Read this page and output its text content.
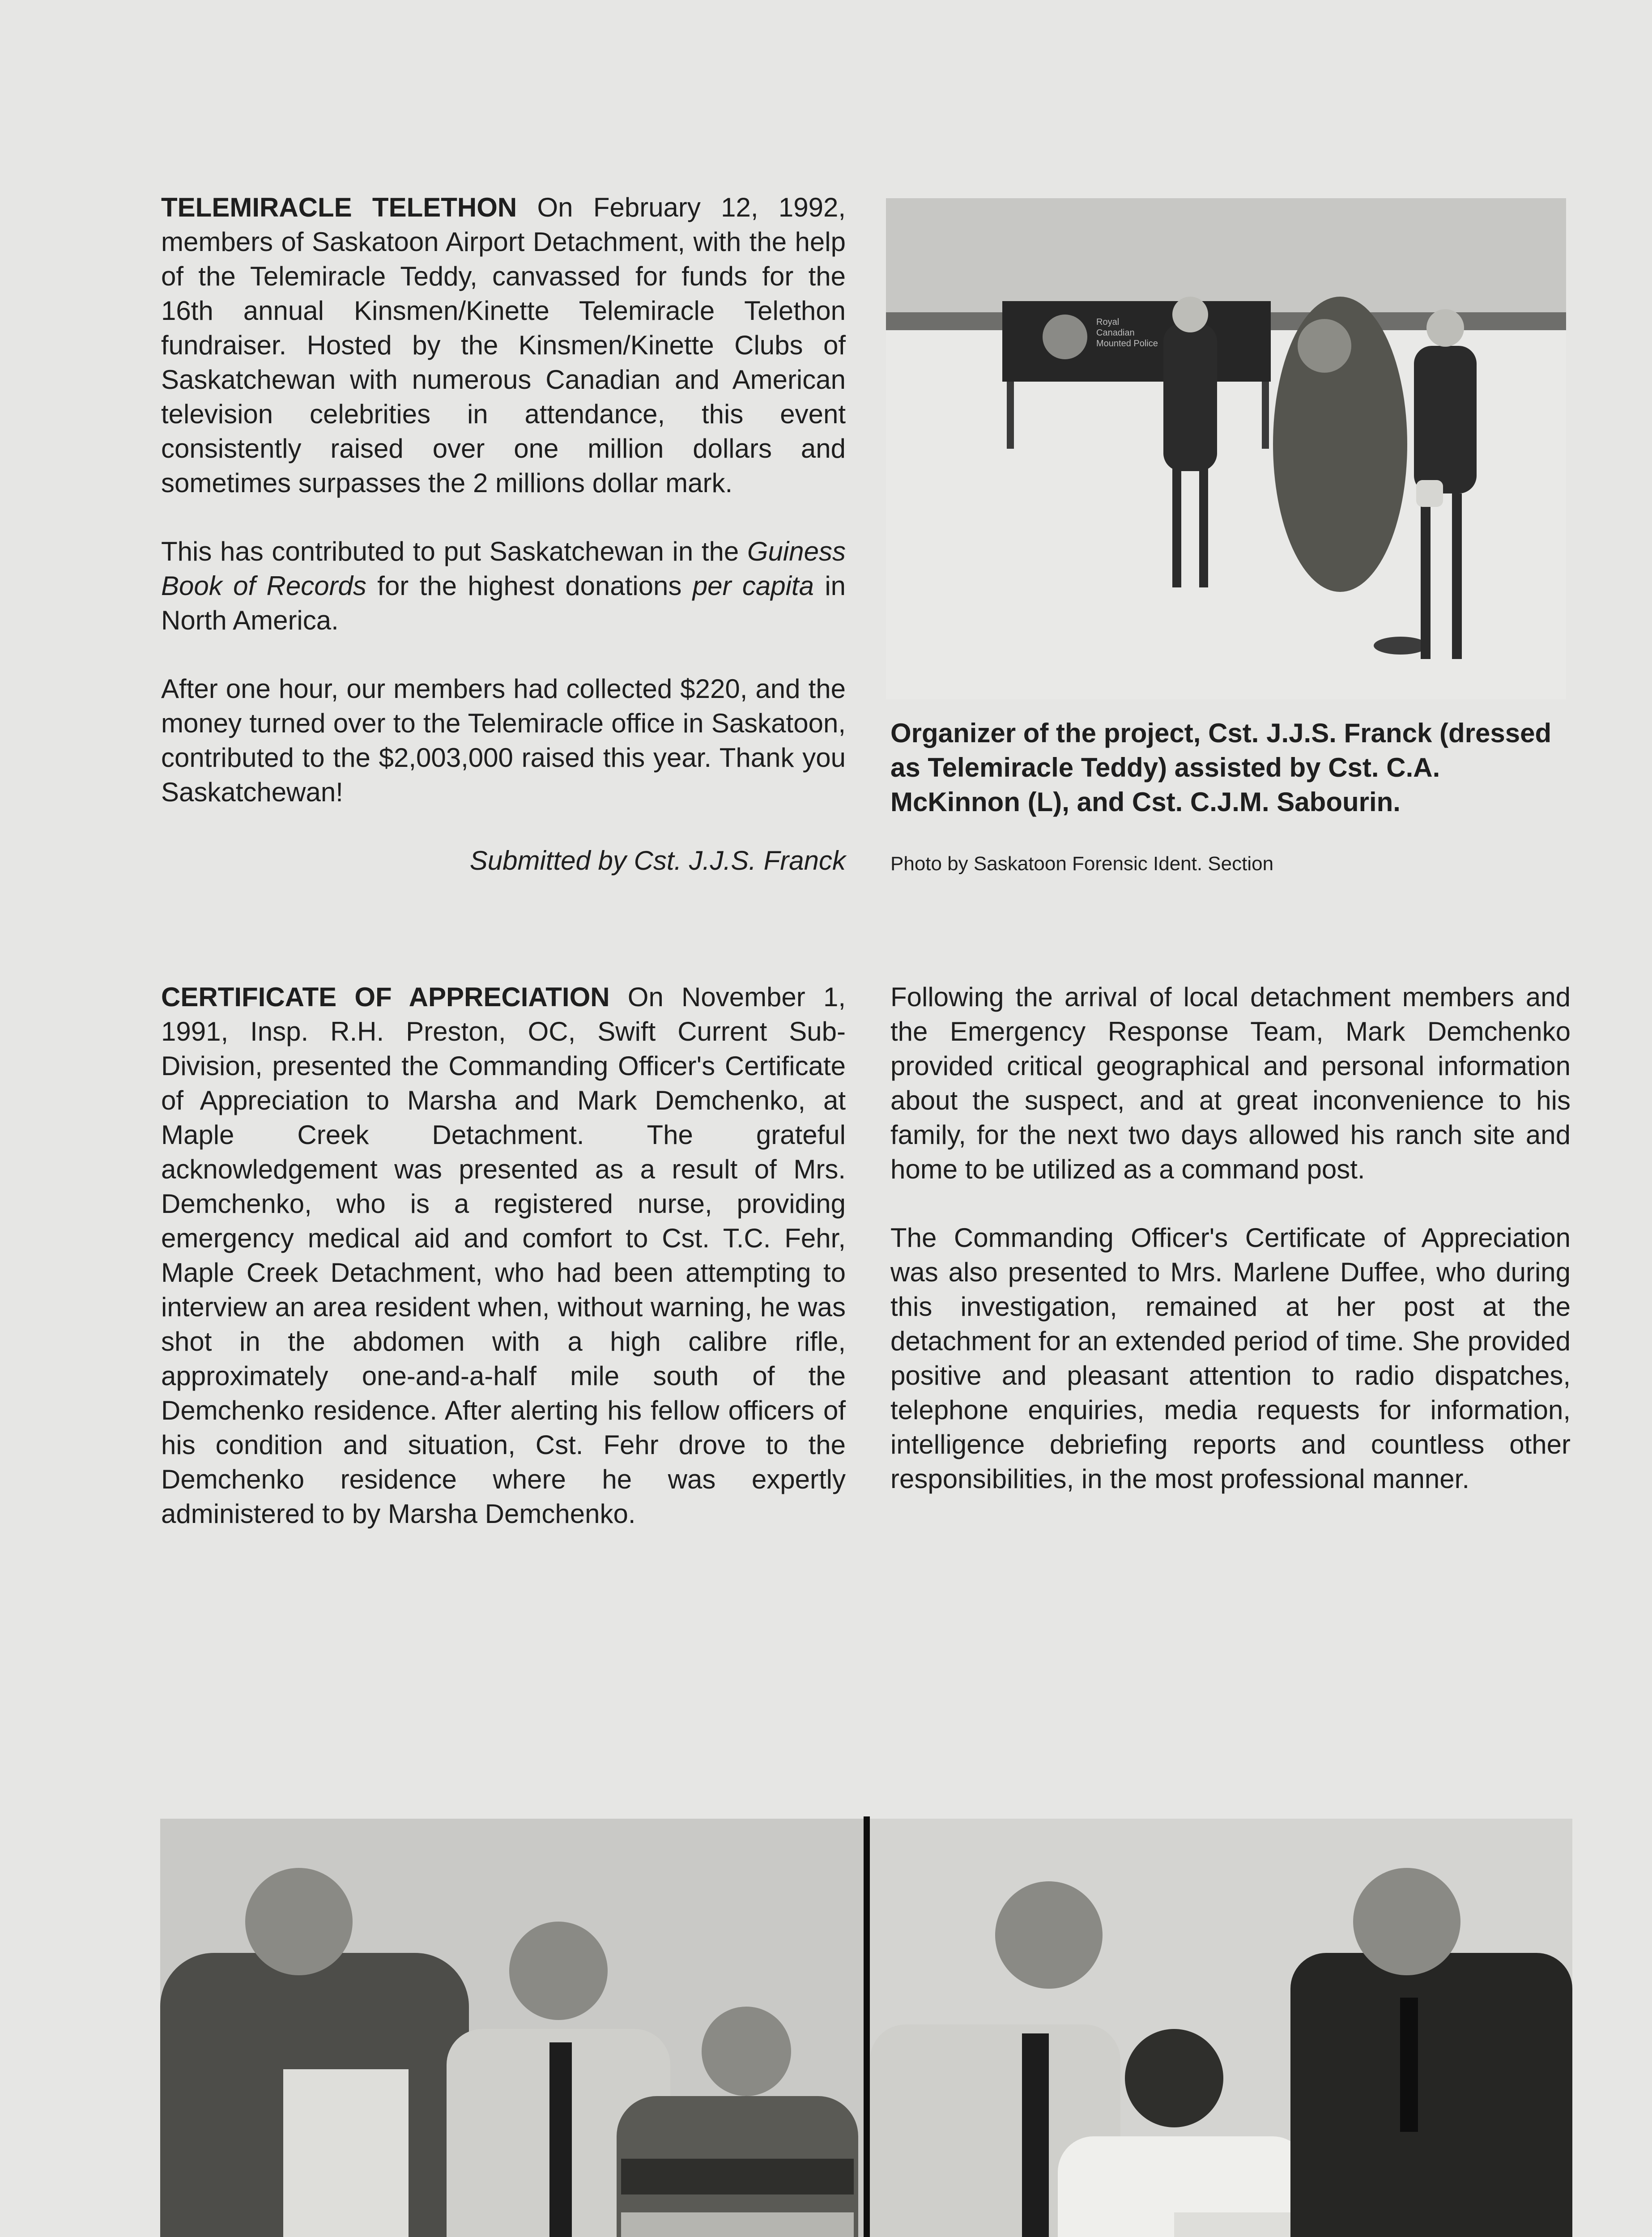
TELEMIRACLE TELETHON On February 12, 1992, members of Saskatoon Airport Detachment, with the help of the Telemiracle Teddy, canvassed for funds for the 16th annual Kinsmen/Kinette Telemiracle Telethon fundraiser. Hosted by the Kinsmen/Kinette Clubs of Saskatchewan with numerous Canadian and American television celebrities in attendance, this event consistently raised over one million dollars and sometimes surpasses the 2 millions dollar mark.

This has contributed to put Saskatchewan in the Guiness Book of Records for the highest donations per capita in North America.

After one hour, our members had collected $220, and the money turned over to the Telemiracle office in Saskatoon, contributed to the $2,003,000 raised this year. Thank you Saskatchewan!

Submitted by Cst. J.J.S. Franck
Royal Canadian Mounted Police
Organizer of the project, Cst. J.J.S. Franck (dressed as Telemiracle Teddy) assisted by Cst. C.A. McKinnon (L), and Cst. C.J.M. Sabourin.
Photo by Saskatoon Forensic Ident. Section

CERTIFICATE OF APPRECIATION On November 1, 1991, Insp. R.H. Preston, OC, Swift Current Sub-Division, presented the Commanding Officer's Certificate of Appreciation to Marsha and Mark Demchenko, at Maple Creek Detachment. The grateful acknowledgement was presented as a result of Mrs. Demchenko, who is a registered nurse, providing emergency medical aid and comfort to Cst. T.C. Fehr, Maple Creek Detachment, who had been attempting to interview an area resident when, without warning, he was shot in the abdomen with a high calibre rifle, approximately one-and-a-half mile south of the Demchenko residence. After alerting his fellow officers of his condition and situation, Cst. Fehr drove to the Demchenko residence where he was expertly administered to by Marsha Demchenko.

Following the arrival of local detachment members and the Emergency Response Team, Mark Demchenko provided critical geographical and personal information about the suspect, and at great inconvenience to his family, for the next two days allowed his ranch site and home to be utilized as a command post.

The Commanding Officer's Certificate of Appreciation was also presented to Mrs. Marlene Duffee, who during this investigation, remained at her post at the detachment for an extended period of time. She provided positive and pleasant attention to radio dispatches, telephone enquiries, media requests for information, intelligence debriefing reports and countless other responsibilities, in the most professional manner.
